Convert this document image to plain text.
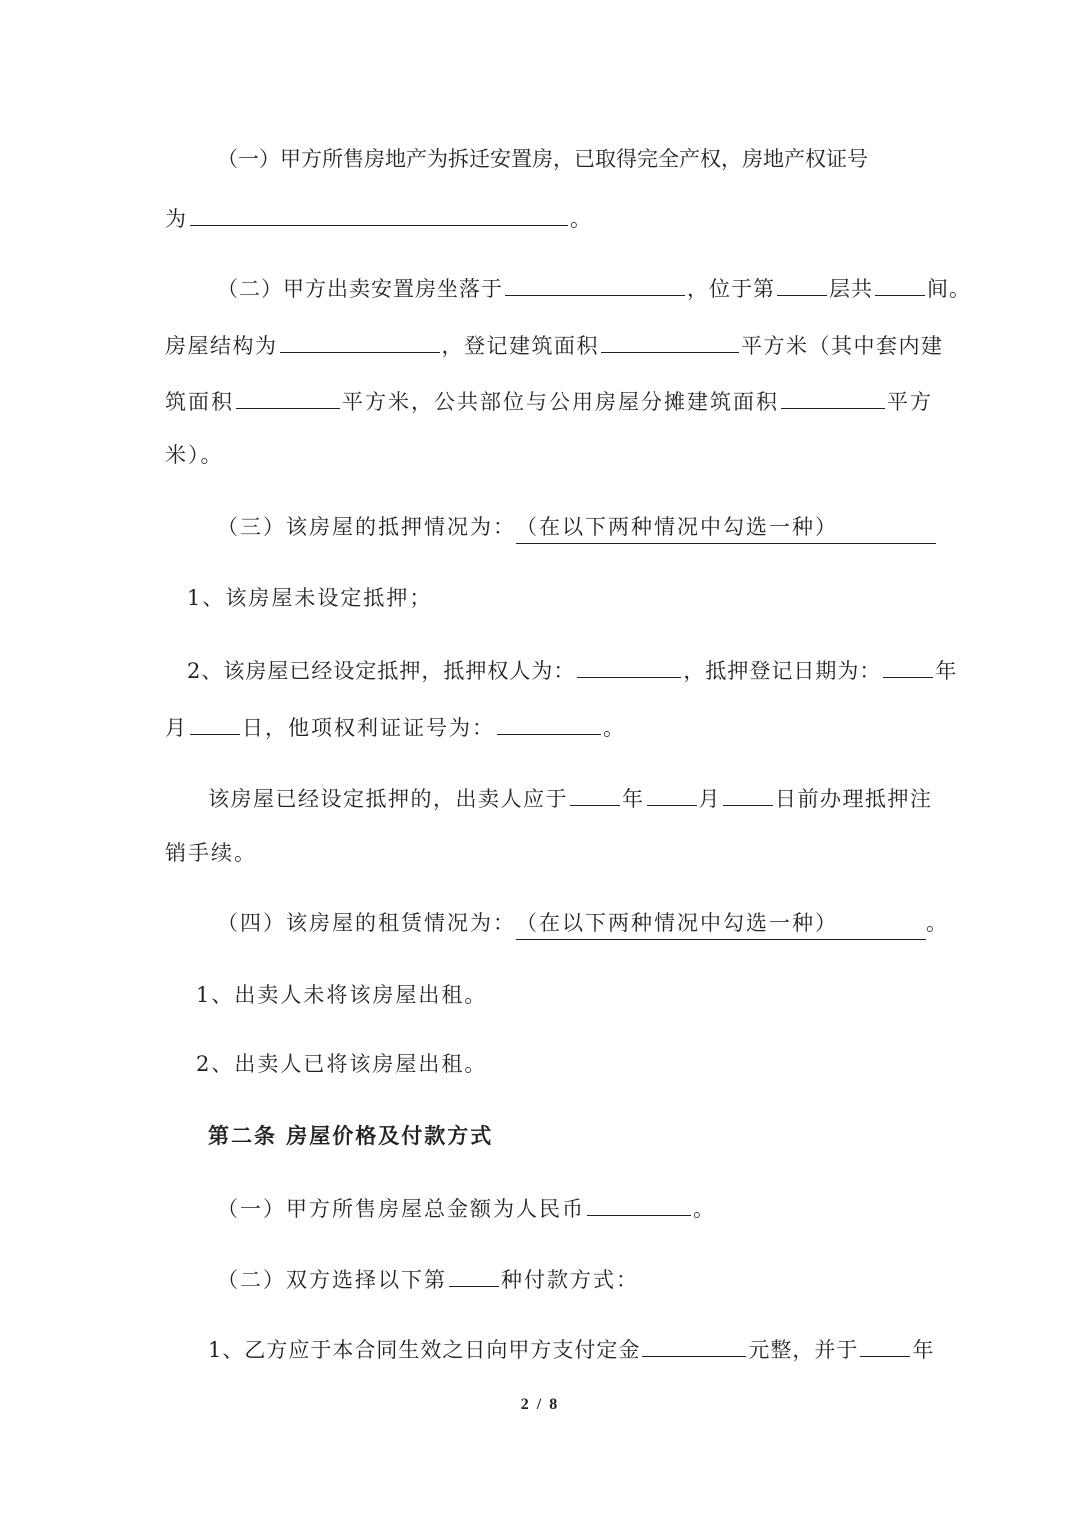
（一）甲方所售房地产为拆迁安置房，已取得完全产权，房地产权证号
为	。
（二）甲方出卖安置房坐落于	，位于第	层共	间。
房屋结构为	，登记建筑面积	平方米（其中套内建
筑面积	平方米，公共部位与公用房屋分摊建筑面积	平方
米）。
（三）该房屋的抵押情况为：（在以下两种情况中勾选一种）
1、该房屋未设定抵押；
2、该房屋已经设定抵押，抵押权人为：	，抵押登记日期为：	年
月	日，他项权利证证号为：	。
该房屋已经设定抵押的，出卖人应于	年	月	日前办理抵押注
销手续。
（四）该房屋的租赁情况为：（在以下两种情况中勾选一种）	。
1、出卖人未将该房屋出租。
2、出卖人已将该房屋出租。
第二条 房屋价格及付款方式
（一）甲方所售房屋总金额为人民币	。
（二）双方选择以下第	种付款方式：
1、乙方应于本合同生效之日向甲方支付定金	元整，并于	年
2 / 8
